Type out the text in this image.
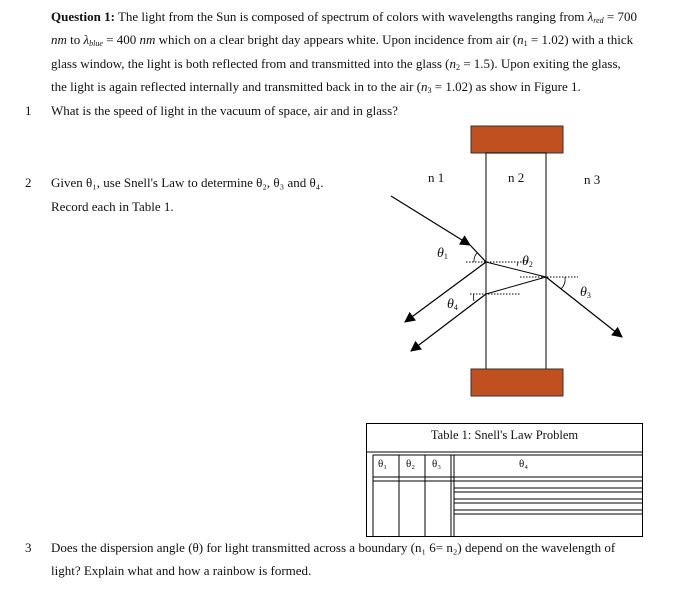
Question 1: The light from the Sun is composed of spectrum of colors with wavelengths ranging from $\lambda_{red} = 700$
nm to $\lambda_{blue} = 400$ nm which on a clear bright day appears white. Upon incidence from air $(n_1 = 1.02)$ with a thick
glass window, the light is both reflected from and transmitted into the glass $(n_2 = 1.5)$. Upon exiting the glass,
the light is again reflected internally and transmitted back in to the air $(n_3 = 1.02)$ as show in Figure 1.
1 What is the speed of light in the vacuum of space, air and in glass?
2 Given θ₁, use Snell's Law to determine θ₂, θ₃ and θ₄.
Record each in Table 1.
n 1	n 2	n 3
$\theta_1$	$\theta_2$
$\theta_3$
$\theta_4$
Table 1: Snell's Law Problem
θ₁ θ₂ θ₃	θ₄
3 Does the dispersion angle (θ) for light transmitted across a boundary (n₁ 6= n₂) depend on the wavelength of
light? Explain what and how a rainbow is formed.
